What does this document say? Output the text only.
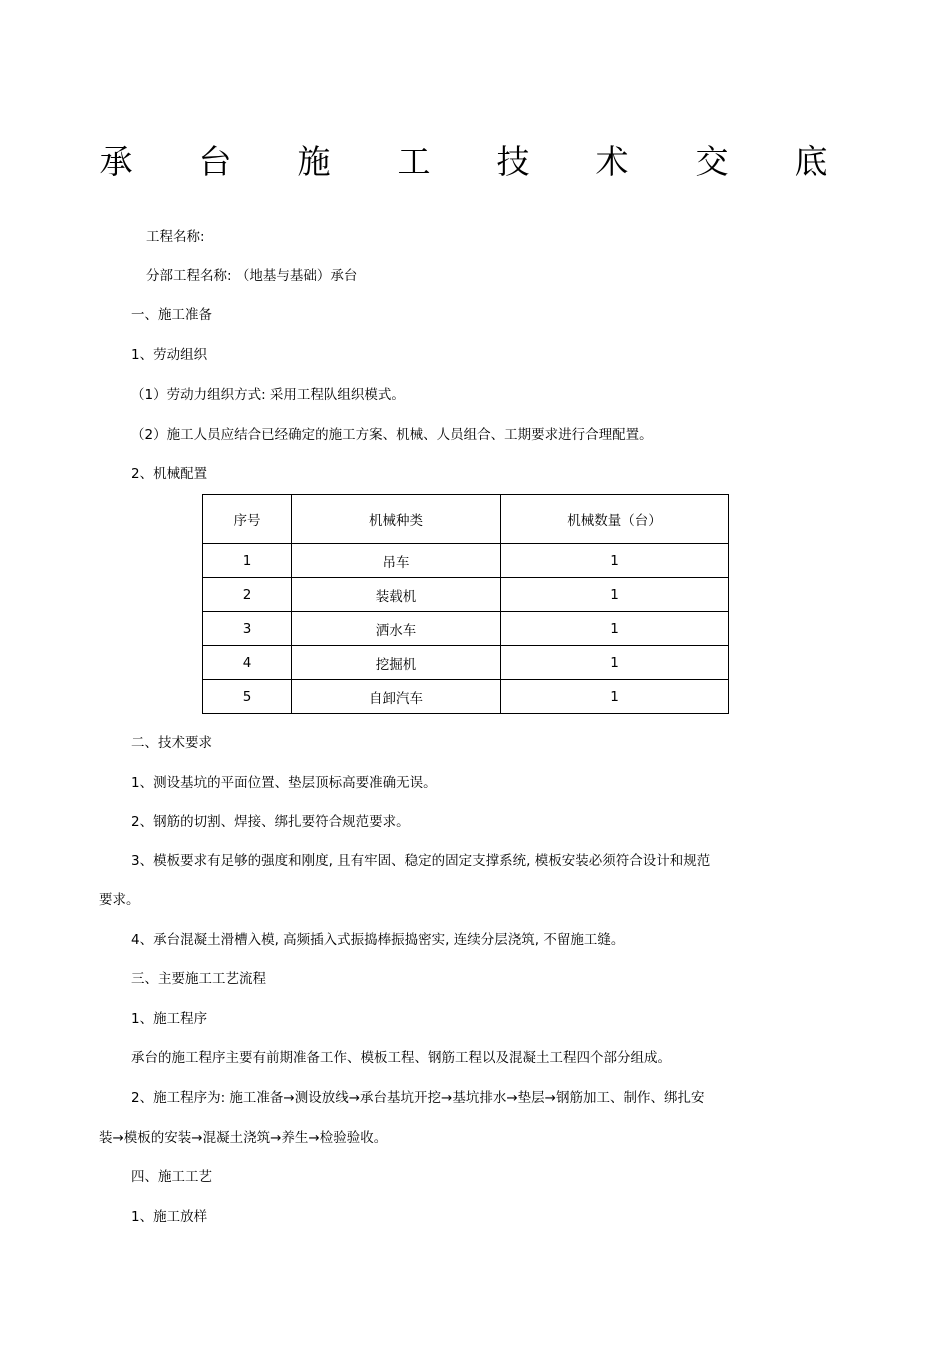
承 台 施 工 技 术 交 底
工程名称:
分部工程名称: （地基与基础）承台
一、施工准备
1、劳动组织
（1）劳动力组织方式: 采用工程队组织模式。
（2）施工人员应结合已经确定的施工方案、机械、人员组合、工期要求进行合理配置。
2、机械配置
序号	机械种类	机械数量（台）
1	吊车	1
2	装载机	1
3	洒水车	1
4	挖掘机	1
5	自卸汽车	1
二、技术要求
1、测设基坑的平面位置、垫层顶标高要准确无误。
2、钢筋的切割、焊接、绑扎要符合规范要求。
3、模板要求有足够的强度和刚度, 且有牢固、稳定的固定支撑系统, 模板安装必须符合设计和规范
要求。
4、承台混凝土滑槽入模, 高频插入式振捣棒振捣密实, 连续分层浇筑, 不留施工缝。
三、主要施工工艺流程
1、施工程序
承台的施工程序主要有前期准备工作、模板工程、钢筋工程以及混凝土工程四个部分组成。
2、施工程序为: 施工准备→测设放线→承台基坑开挖→基坑排水→垫层→钢筋加工、制作、绑扎安
装→模板的安装→混凝土浇筑→养生→检验验收。
四、施工工艺
1、施工放样
